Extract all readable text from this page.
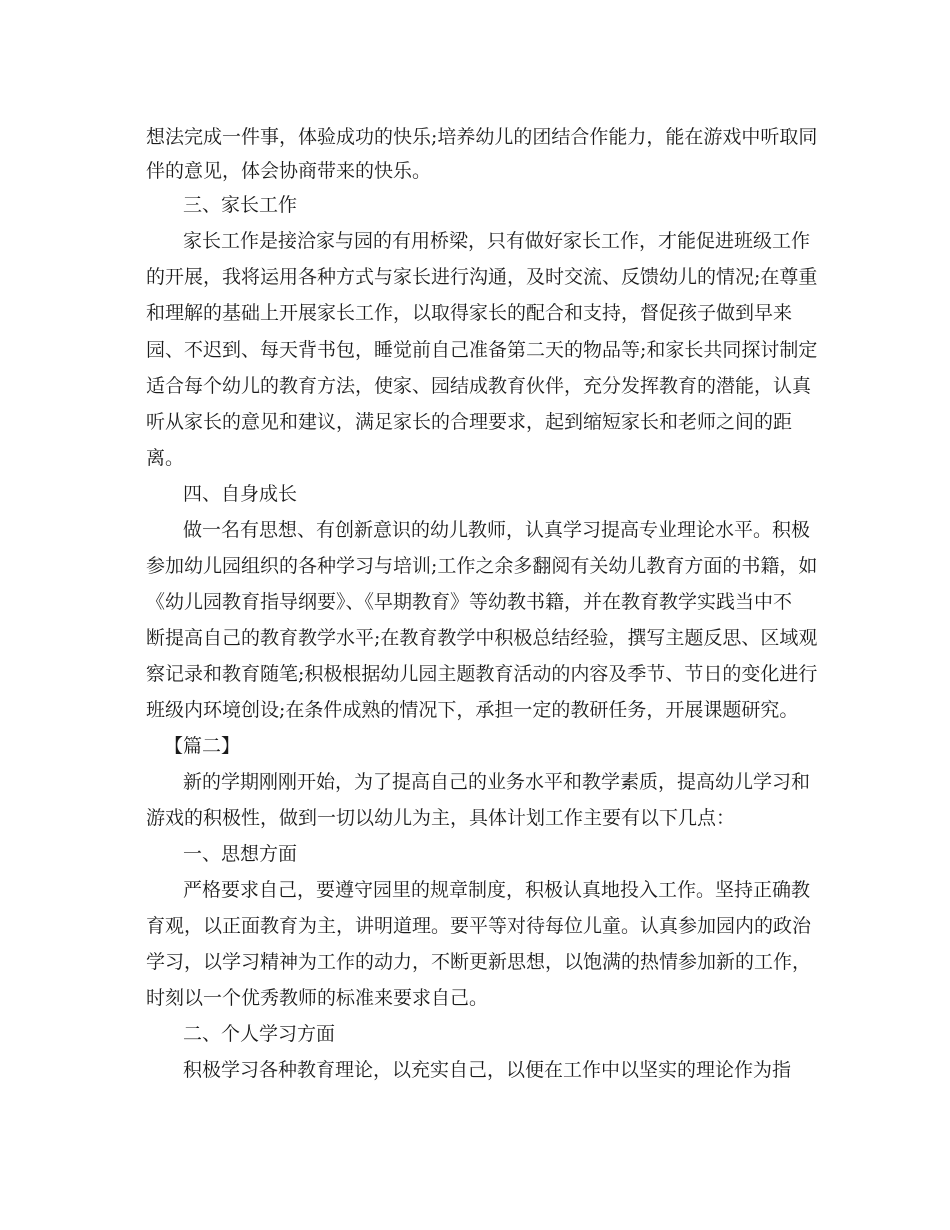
想法完成一件事，体验成功的快乐;培养幼儿的团结合作能力，能在游戏中听取同
伴的意见，体会协商带来的快乐。
三、家长工作
家长工作是接洽家与园的有用桥梁，只有做好家长工作，才能促进班级工作
的开展，我将运用各种方式与家长进行沟通，及时交流、反馈幼儿的情况;在尊重
和理解的基础上开展家长工作，以取得家长的配合和支持，督促孩子做到早来
园、不迟到、每天背书包，睡觉前自己准备第二天的物品等;和家长共同探讨制定
适合每个幼儿的教育方法，使家、园结成教育伙伴，充分发挥教育的潜能，认真
听从家长的意见和建议，满足家长的合理要求，起到缩短家长和老师之间的距
离。
四、自身成长
做一名有思想、有创新意识的幼儿教师，认真学习提高专业理论水平。积极
参加幼儿园组织的各种学习与培训;工作之余多翻阅有关幼儿教育方面的书籍，如
《幼儿园教育指导纲要》、《早期教育》等幼教书籍，并在教育教学实践当中不
断提高自己的教育教学水平;在教育教学中积极总结经验，撰写主题反思、区域观
察记录和教育随笔;积极根据幼儿园主题教育活动的内容及季节、节日的变化进行
班级内环境创设;在条件成熟的情况下，承担一定的教研任务，开展课题研究。
【篇二】
新的学期刚刚开始，为了提高自己的业务水平和教学素质，提高幼儿学习和
游戏的积极性，做到一切以幼儿为主，具体计划工作主要有以下几点：
一、思想方面
严格要求自己，要遵守园里的规章制度，积极认真地投入工作。坚持正确教
育观，以正面教育为主，讲明道理。要平等对待每位儿童。认真参加园内的政治
学习，以学习精神为工作的动力，不断更新思想，以饱满的热情参加新的工作，
时刻以一个优秀教师的标准来要求自己。
二、个人学习方面
积极学习各种教育理论，以充实自己，以便在工作中以坚实的理论作为指
